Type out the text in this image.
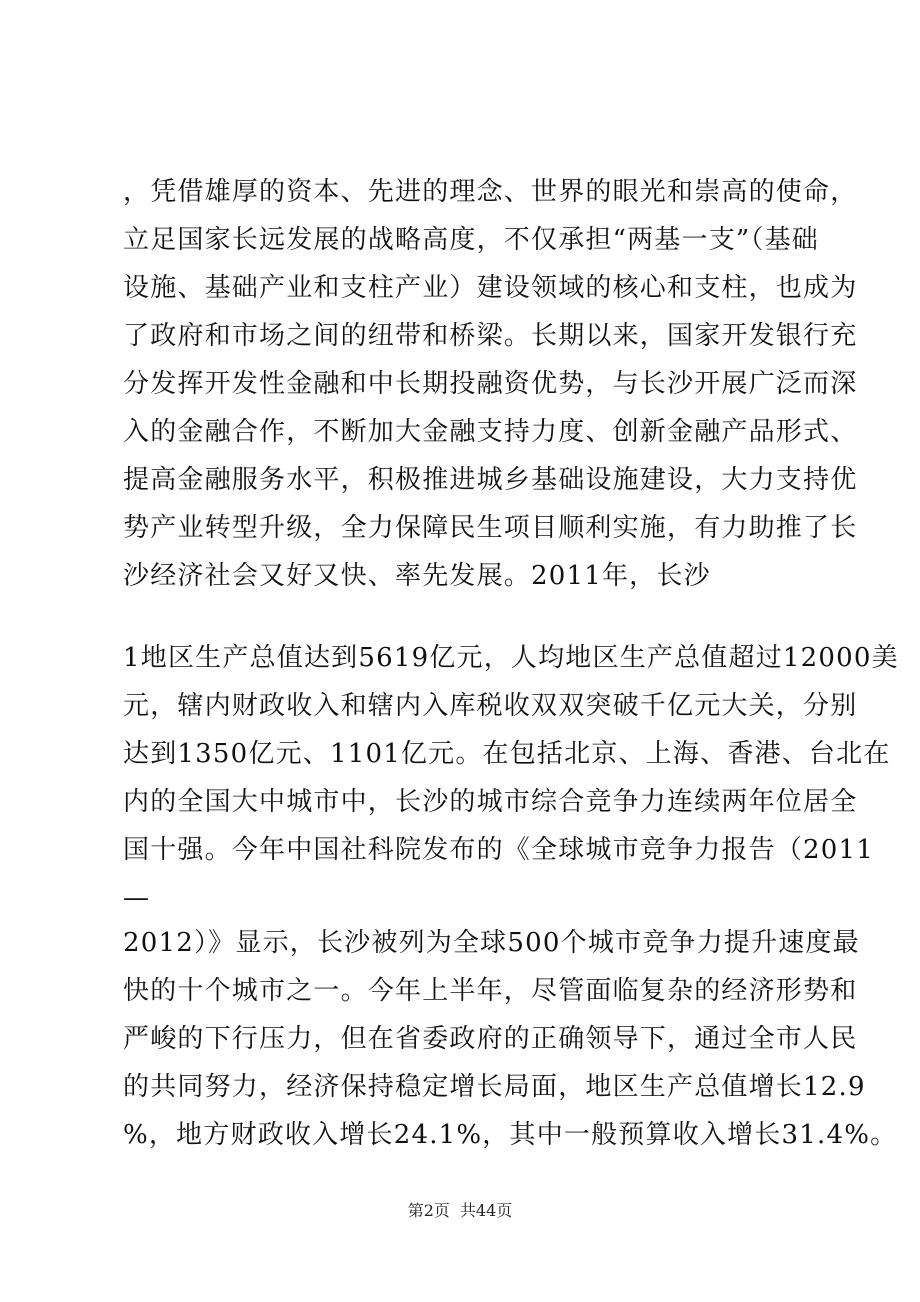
，凭借雄厚的资本、先进的理念、世界的眼光和崇高的使命，
立足国家长远发展的战略高度，不仅承担“两基一支”（基础
设施、基础产业和支柱产业）建设领域的核心和支柱，也成为
了政府和市场之间的纽带和桥梁。长期以来，国家开发银行充
分发挥开发性金融和中长期投融资优势，与长沙开展广泛而深
入的金融合作，不断加大金融支持力度、创新金融产品形式、
提高金融服务水平，积极推进城乡基础设施建设，大力支持优
势产业转型升级，全力保障民生项目顺利实施，有力助推了长
沙经济社会又好又快、率先发展。2011年，长沙
1地区生产总值达到5619亿元，人均地区生产总值超过12000美
元，辖内财政收入和辖内入库税收双双突破千亿元大关，分别
达到1350亿元、1101亿元。在包括北京、上海、香港、台北在
内的全国大中城市中，长沙的城市综合竞争力连续两年位居全
国十强。今年中国社科院发布的《全球城市竞争力报告（2011
—
2012）》显示，长沙被列为全球500个城市竞争力提升速度最
快的十个城市之一。今年上半年，尽管面临复杂的经济形势和
严峻的下行压力，但在省委政府的正确领导下，通过全市人民
的共同努力，经济保持稳定增长局面，地区生产总值增长12.9
%，地方财政收入增长24.1%，其中一般预算收入增长31.4%。
第2页 共44页
